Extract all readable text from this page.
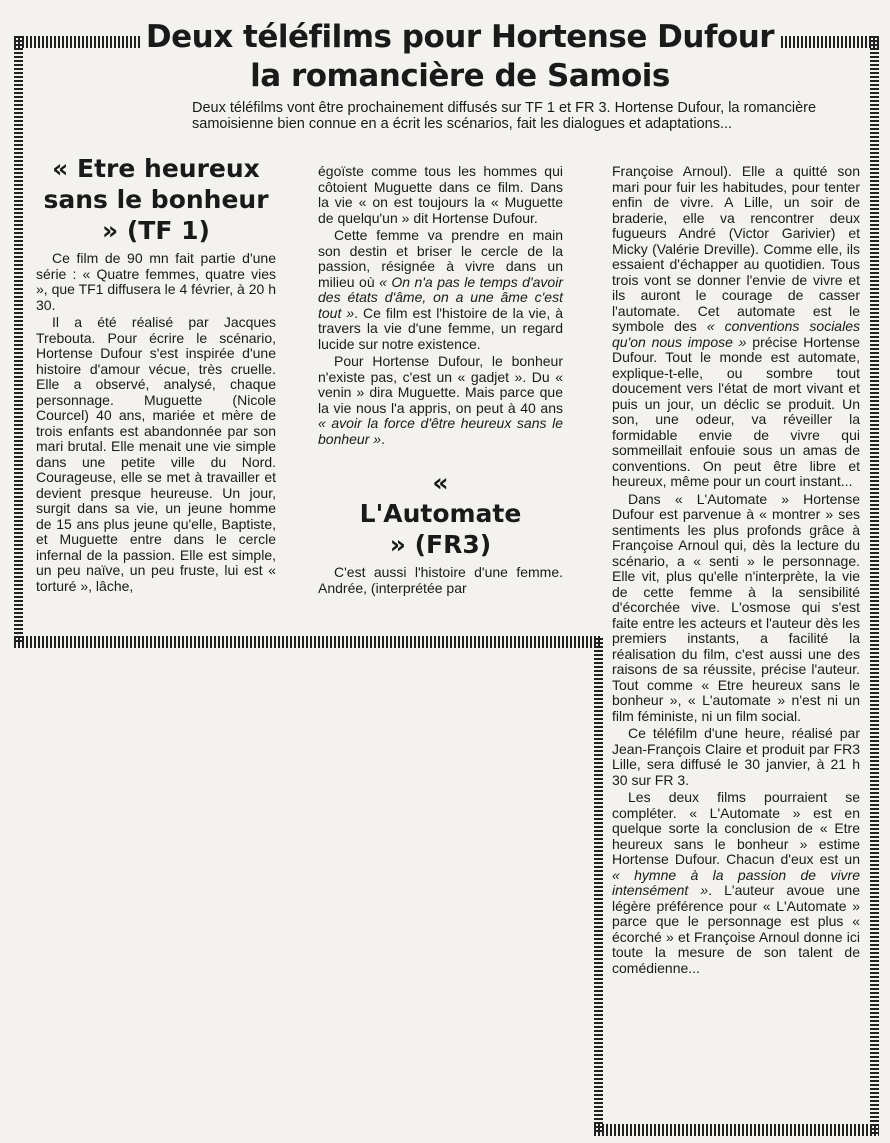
Deux téléfilms pour Hortense Dufour
la romancière de Samois

Deux téléfilms vont être prochainement diffusés sur TF 1 et FR 3. Hortense Dufour, la romancière samoisienne bien connue en a écrit les scénarios, fait les dialogues et adaptations...

« Etre heureux sans le bonheur » (TF 1)

Ce film de 90 mn fait partie d'une série : « Quatre femmes, quatre vies », que TF1 diffusera le 4 février, à 20 h 30.

Il a été réalisé par Jacques Trebouta. Pour écrire le scénario, Hortense Dufour s'est inspirée d'une histoire d'amour vécue, très cruelle. Elle a observé, analysé, chaque personnage. Muguette (Nicole Courcel) 40 ans, mariée et mère de trois enfants est abandonnée par son mari brutal. Elle menait une vie simple dans une petite ville du Nord. Courageuse, elle se met à travailler et devient presque heureuse. Un jour, surgit dans sa vie, un jeune homme de 15 ans plus jeune qu'elle, Baptiste, et Muguette entre dans le cercle infernal de la passion. Elle est simple, un peu naïve, un peu fruste, lui est « torturé », lâche,

égoïste comme tous les hommes qui côtoient Muguette dans ce film. Dans la vie « on est toujours la « Muguette de quelqu'un » dit Hortense Dufour.

Cette femme va prendre en main son destin et briser le cercle de la passion, résignée à vivre dans un milieu où « On n'a pas le temps d'avoir des états d'âme, on a une âme c'est tout ». Ce film est l'histoire de la vie, à travers la vie d'une femme, un regard lucide sur notre existence.

Pour Hortense Dufour, le bonheur n'existe pas, c'est un « gadjet ». Du « venin » dira Muguette. Mais parce que la vie nous l'a appris, on peut à 40 ans « avoir la force d'être heureux sans le bonheur ».

« L'Automate » (FR3)

C'est aussi l'histoire d'une femme. Andrée, (interprétée par

Françoise Arnoul). Elle a quitté son mari pour fuir les habitudes, pour tenter enfin de vivre. A Lille, un soir de braderie, elle va rencontrer deux fugueurs André (Victor Garivier) et Micky (Valérie Dreville). Comme elle, ils essaient d'échapper au quotidien. Tous trois vont se donner l'envie de vivre et ils auront le courage de casser l'automate. Cet automate est le symbole des « conventions sociales qu'on nous impose » précise Hortense Dufour. Tout le monde est automate, explique-t-elle, ou sombre tout doucement vers l'état de mort vivant et puis un jour, un déclic se produit. Un son, une odeur, va réveiller la formidable envie de vivre qui sommeillait enfouie sous un amas de conventions. On peut être libre et heureux, même pour un court instant...

Dans « L'Automate » Hortense Dufour est parvenue à « montrer » ses sentiments les plus profonds grâce à Françoise Arnoul qui, dès la lecture du scénario, a « senti » le personnage. Elle vit, plus qu'elle n'interprète, la vie de cette femme à la sensibilité d'écorchée vive. L'osmose qui s'est faite entre les acteurs et l'auteur dès les premiers instants, a facilité la réalisation du film, c'est aussi une des raisons de sa réussite, précise l'auteur. Tout comme « Etre heureux sans le bonheur », « L'automate » n'est ni un film féministe, ni un film social.

Ce téléfilm d'une heure, réalisé par Jean-François Claire et produit par FR3 Lille, sera diffusé le 30 janvier, à 21 h 30 sur FR 3.

Les deux films pourraient se compléter. « L'Automate » est en quelque sorte la conclusion de « Etre heureux sans le bonheur » estime Hortense Dufour. Chacun d'eux est un « hymne à la passion de vivre intensément ». L'auteur avoue une légère préférence pour « L'Automate » parce que le personnage est plus « écorché » et Françoise Arnoul donne ici toute la mesure de son talent de comédienne...
